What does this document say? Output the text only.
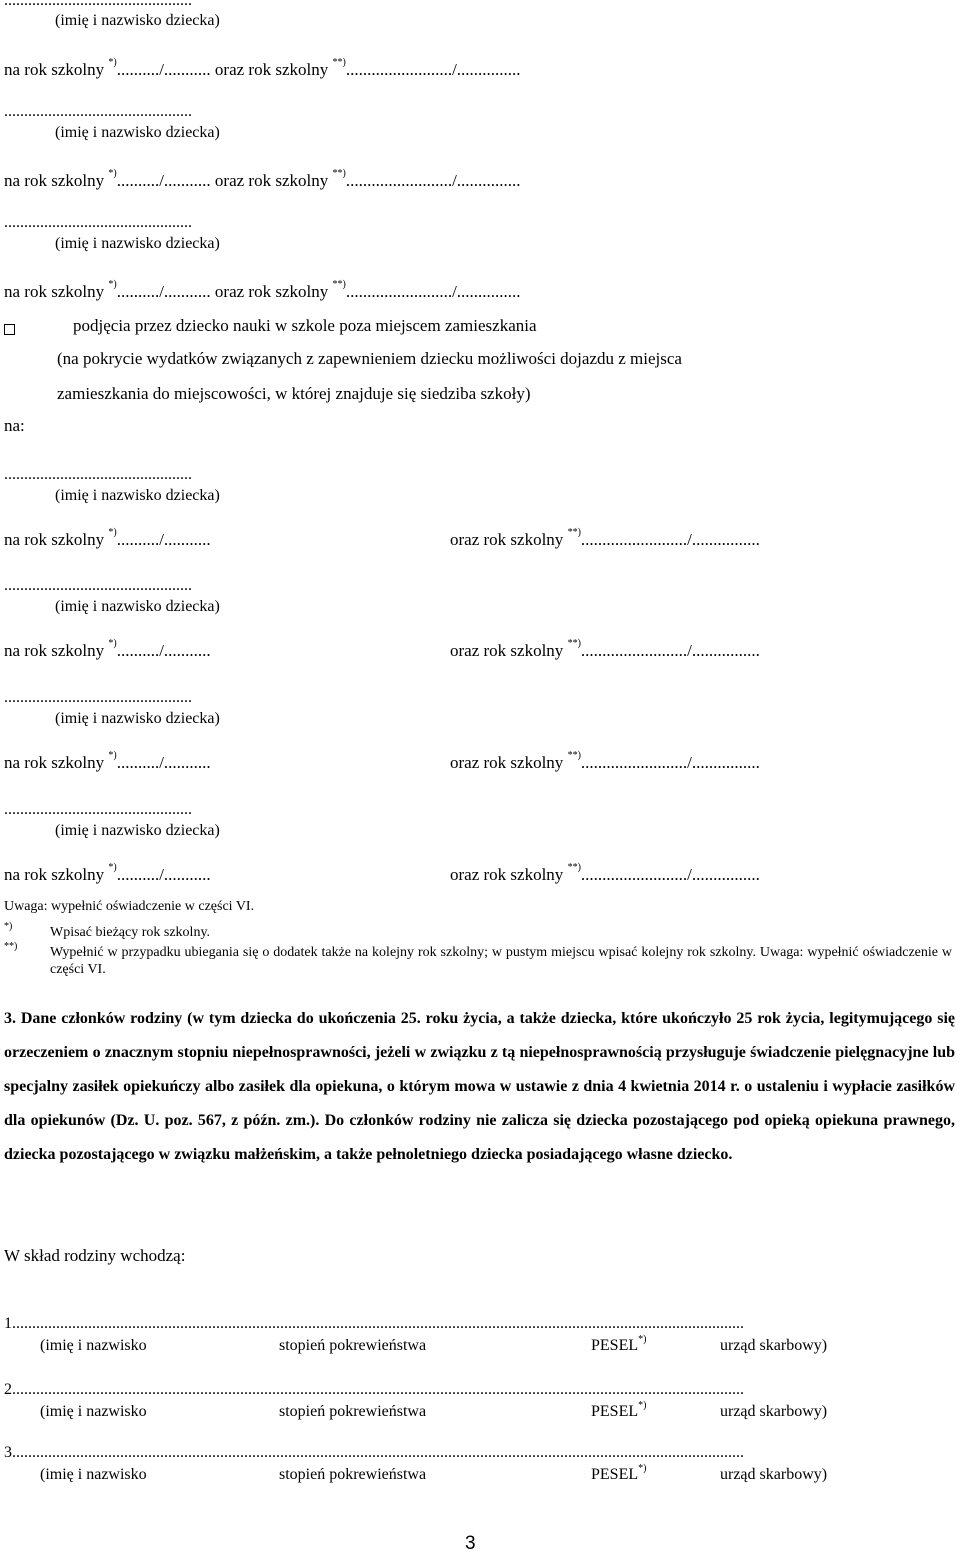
...............................................
(imię i nazwisko dziecka)
na rok szkolny *)........../........... oraz rok szkolny **)........................./...............
...............................................
(imię i nazwisko dziecka)
na rok szkolny *)........../........... oraz rok szkolny **)........................./...............
...............................................
(imię i nazwisko dziecka)
na rok szkolny *)........../........... oraz rok szkolny **)........................./...............
podjęcia przez dziecko nauki w szkole poza miejscem zamieszkania
(na pokrycie wydatków związanych z zapewnieniem dziecku możliwości dojazdu z miejsca
zamieszkania do miejscowości, w której znajduje się siedziba szkoły)
na:
...............................................
(imię i nazwisko dziecka)
na rok szkolny *)........../...........	oraz rok szkolny **)........................./................
...............................................
(imię i nazwisko dziecka)
na rok szkolny *)........../...........	oraz rok szkolny **)........................./................
...............................................
(imię i nazwisko dziecka)
na rok szkolny *)........../...........	oraz rok szkolny **)........................./................
...............................................
(imię i nazwisko dziecka)
na rok szkolny *)........../...........	oraz rok szkolny **)........................./................
Uwaga: wypełnić oświadczenie w części VI.
*)	Wpisać bieżący rok szkolny.
**) Wypełnić w przypadku ubiegania się o dodatek także na kolejny rok szkolny; w pustym miejscu wpisać kolejny rok szkolny. Uwaga: wypełnić oświadczenie w części VI.
3. Dane członków rodziny (w tym dziecka do ukończenia 25. roku życia, a także dziecka, które ukończyło 25 rok życia, legitymującego się orzeczeniem o znacznym stopniu niepełnosprawności, jeżeli w związku z tą niepełnosprawnością przysługuje świadczenie pielęgnacyjne lub specjalny zasiłek opiekuńczy albo zasiłek dla opiekuna, o którym mowa w ustawie z dnia 4 kwietnia 2014 r. o ustaleniu i wypłacie zasiłków dla opiekunów (Dz. U. poz. 567, z późn. zm.). Do członków rodziny nie zalicza się dziecka pozostającego pod opieką opiekuna prawnego, dziecka pozostającego w związku małżeńskim, a także pełnoletniego dziecka posiadającego własne dziecko.
W skład rodziny wchodzą:
1.......................................................................................................................................................................................
(imię i nazwisko	stopień pokrewieństwa	PESEL*)	urząd skarbowy)
2.......................................................................................................................................................................................
(imię i nazwisko	stopień pokrewieństwa	PESEL*)	urząd skarbowy)
3.......................................................................................................................................................................................
(imię i nazwisko	stopień pokrewieństwa	PESEL*)	urząd skarbowy)
3
